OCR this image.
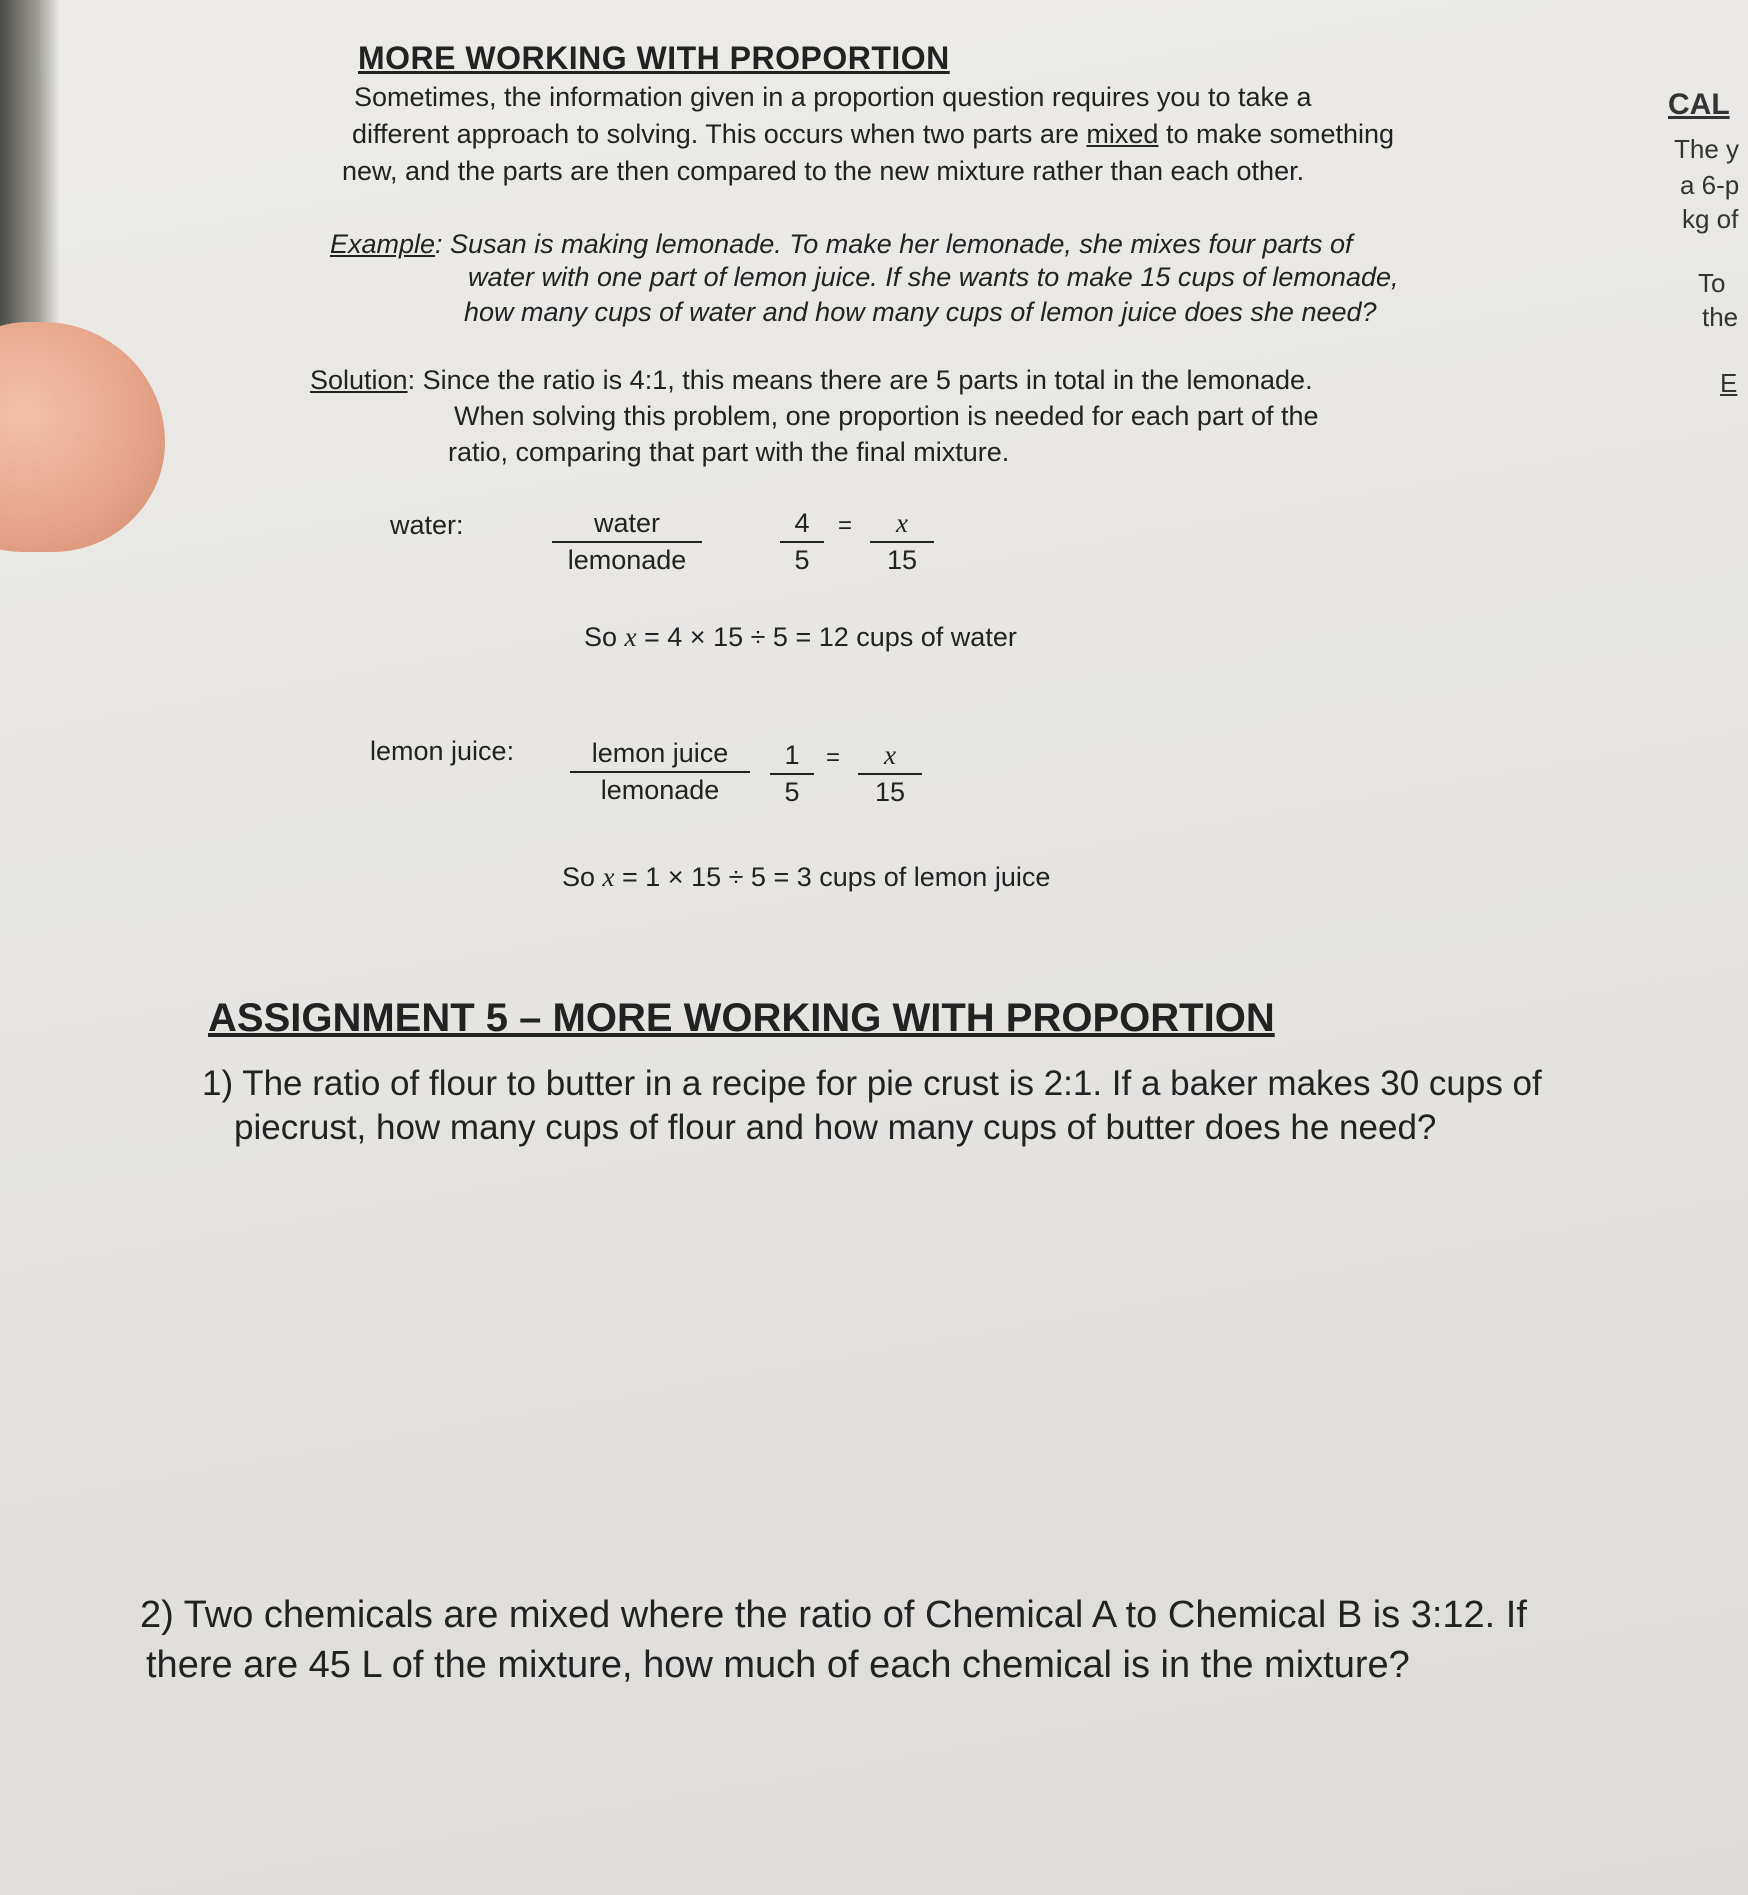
MORE WORKING WITH PROPORTION
Sometimes, the information given in a proportion question requires you to take a
different approach to solving. This occurs when two parts are mixed to make something
new, and the parts are then compared to the new mixture rather than each other.
Example: Susan is making lemonade. To make her lemonade, she mixes four parts of
water with one part of lemon juice. If she wants to make 15 cups of lemonade,
how many cups of water and how many cups of lemon juice does she need?
Solution: Since the ratio is 4:1, this means there are 5 parts in total in the lemonade.
When solving this problem, one proportion is needed for each part of the
ratio, comparing that part with the final mixture.
water:	water
lemonade	$\frac{4}{5} = \frac{x}{15}$
So x = 4 × 15 ÷ 5 = 12 cups of water
lemon juice:	lemon juice
lemonade	$\frac{1}{5} = \frac{x}{15}$
So x = 1 × 15 ÷ 5 = 3 cups of lemon juice
CAL
The y
a 6-p
kg of
To
the
E
ASSIGNMENT 5 – MORE WORKING WITH PROPORTION
1) The ratio of flour to butter in a recipe for pie crust is 2:1. If a baker makes 30 cups of
piecrust, how many cups of flour and how many cups of butter does he need?
2) Two chemicals are mixed where the ratio of Chemical A to Chemical B is 3:12. If
there are 45 L of the mixture, how much of each chemical is in the mixture?
